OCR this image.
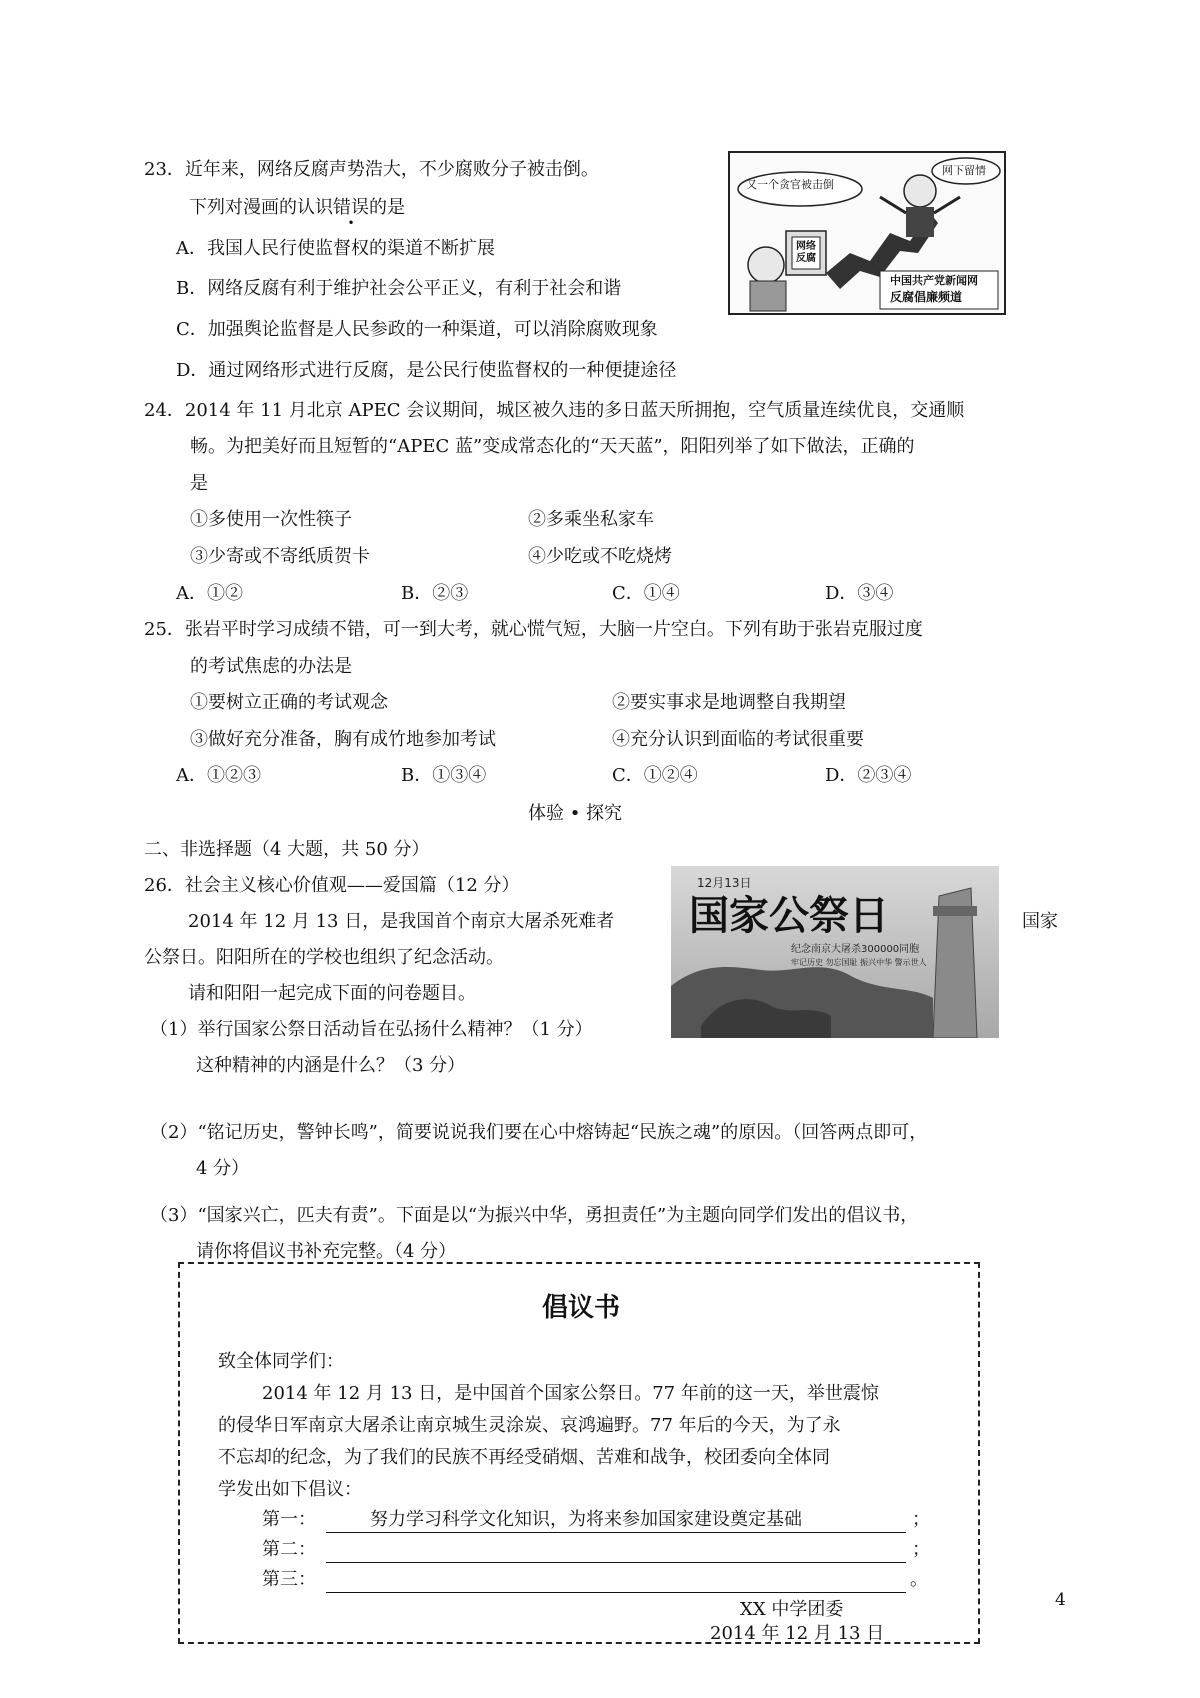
23．近年来，网络反腐声势浩大，不少腐败分子被击倒。
下列对漫画的认识错误的是
A．我国人民行使监督权的渠道不断扩展
B．网络反腐有利于维护社会公平正义，有利于社会和谐
C．加强舆论监督是人民参政的一种渠道，可以消除腐败现象
D．通过网络形式进行反腐，是公民行使监督权的一种便捷途径
又一个贪官被击倒
网下留情
网络反腐
中国共产党新闻网
反腐倡廉频道
24．2014 年 11 月北京 APEC 会议期间，城区被久违的多日蓝天所拥抱，空气质量连续优良，交通顺
畅。为把美好而且短暂的“APEC 蓝”变成常态化的“天天蓝”，阳阳列举了如下做法，正确的
是
①多使用一次性筷子	②多乘坐私家车
③少寄或不寄纸质贺卡	④少吃或不吃烧烤
A．①②	B．②③	C．①④	D．③④
25．张岩平时学习成绩不错，可一到大考，就心慌气短，大脑一片空白。下列有助于张岩克服过度
的考试焦虑的办法是
①要树立正确的考试观念	②要实事求是地调整自我期望
③做好充分准备，胸有成竹地参加考试	④充分认识到面临的考试很重要
A．①②③	B．①③④	C．①②④	D．②③④
体验 • 探究
二、非选择题（4 大题，共 50 分）
26．社会主义核心价值观——爱国篇（12 分）
2014 年 12 月 13 日，是我国首个南京大屠杀死难者	国家
公祭日。阳阳所在的学校也组织了纪念活动。
请和阳阳一起完成下面的问卷题目。
（1）举行国家公祭日活动旨在弘扬什么精神？（1 分）
这种精神的内涵是什么？（3 分）
（2）“铭记历史，警钟长鸣”，简要说说我们要在心中熔铸起“民族之魂”的原因。（回答两点即可，
4 分）
（3）“国家兴亡，匹夫有责”。下面是以“为振兴中华，勇担责任”为主题向同学们发出的倡议书，
请你将倡议书补充完整。（4 分）
12月13日
国家公祭日
纪念南京大屠杀300000同胞
牢记历史 勿忘国耻 振兴中华 警示世人
倡议书
致全体同学们：
2014 年 12 月 13 日，是中国首个国家公祭日。77 年前的这一天，举世震惊
的侵华日军南京大屠杀让南京城生灵涂炭、哀鸿遍野。77 年后的今天，为了永
不忘却的纪念，为了我们的民族不再经受硝烟、苦难和战争，校团委向全体同
学发出如下倡议：
第一：	努力学习科学文化知识，为将来参加国家建设奠定基础	；
第二：	；
第三：	。
XX 中学团委
2014 年 12 月 13 日
4
